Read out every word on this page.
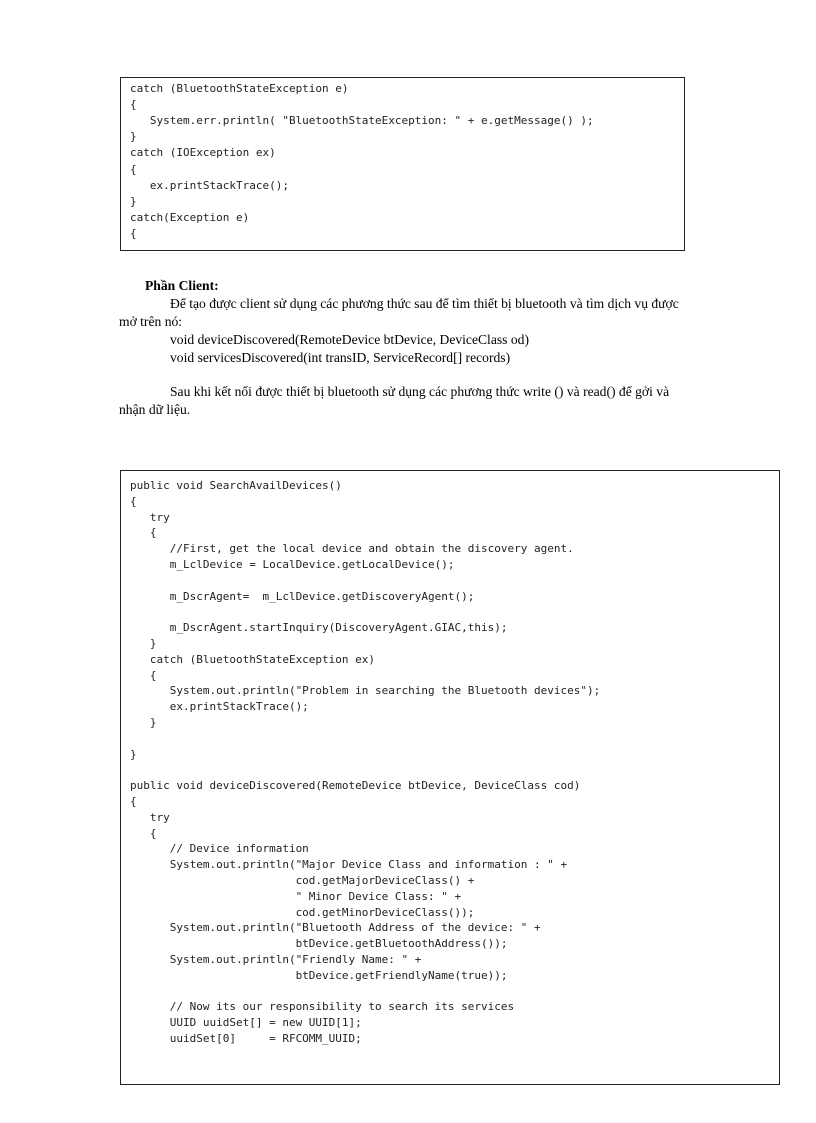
catch (BluetoothStateException e)
{
System.err.println( "BluetoothStateException: " + e.getMessage() );
}
catch (IOException ex)
{
ex.printStackTrace();
}
catch(Exception e)
{
Phần Client:
Để tạo được client sử dụng các phương thức sau để tìm thiết bị bluetooth và tìm dịch vụ được
mở trên nó:
void deviceDiscovered(RemoteDevice btDevice, DeviceClass od)
void servicesDiscovered(int transID, ServiceRecord[] records)
Sau khi kết nối được thiết bị bluetooth sử dụng các phương thức write () và read() để gởi và
nhận dữ liệu.
public void SearchAvailDevices()
{
try
{
//First, get the local device and obtain the discovery agent.
m_LclDevice = LocalDevice.getLocalDevice();
m_DscrAgent=  m_LclDevice.getDiscoveryAgent();
m_DscrAgent.startInquiry(DiscoveryAgent.GIAC,this);
}
catch (BluetoothStateException ex)
{
System.out.println("Problem in searching the Bluetooth devices");
ex.printStackTrace();
}
}
public void deviceDiscovered(RemoteDevice btDevice, DeviceClass cod)
{
try
{
// Device information
System.out.println("Major Device Class and information : " +
cod.getMajorDeviceClass() +
" Minor Device Class: " +
cod.getMinorDeviceClass());
System.out.println("Bluetooth Address of the device: " +
btDevice.getBluetoothAddress());
System.out.println("Friendly Name: " +
btDevice.getFriendlyName(true));
// Now its our responsibility to search its services
UUID uuidSet[] = new UUID[1];
uuidSet[0]     = RFCOMM_UUID;
